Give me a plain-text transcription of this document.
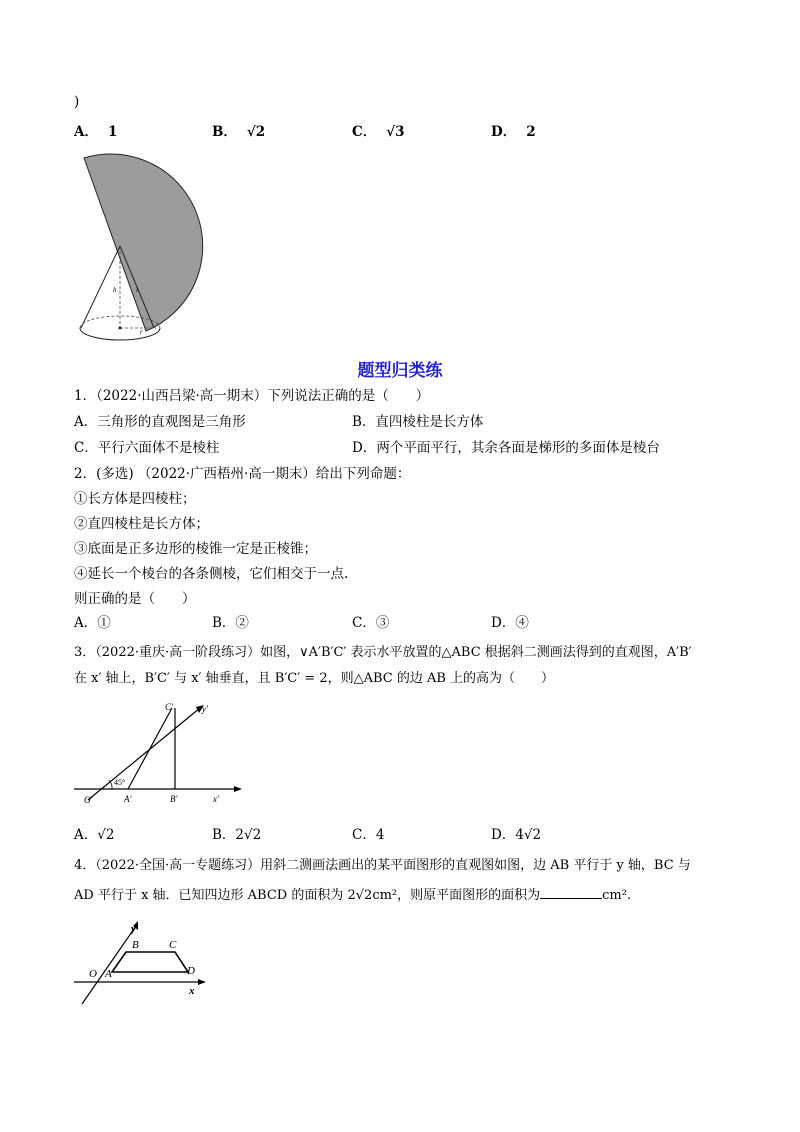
)
A． 1	B． √2	C． √3	D． 2
h	l
r
题型归类练
1．（2022·山西吕梁·高一期末）下列说法正确的是（　　）
A．三角形的直观图是三角形	B．直四棱柱是长方体
C．平行六面体不是棱柱	D．两个平面平行，其余各面是梯形的多面体是棱台
2．(多选) （2022·广西梧州·高一期末）给出下列命题：
①长方体是四棱柱；
②直四棱柱是长方体；
③底面是正多边形的棱锥一定是正棱锥；
④延长一个棱台的各条侧棱，它们相交于一点.
则正确的是（　　）
A．①	B．②	C．③	D．④
3．（2022·重庆·高一阶段练习）如图，∨A′B′C′ 表示水平放置的△ABC 根据斜二测画法得到的直观图，A′B′
在 x′ 轴上，B′C′ 与 x′ 轴垂直，且 B′C′ = 2，则△ABC 的边 AB 上的高为（　　）
C′	y′
45°
O′	A′	B′	x′
A．√2	B．2√2	C．4	D．4√2
4．（2022·全国·高一专题练习）用斜二测画法画出的某平面图形的直观图如图，边 AB 平行于 y 轴，BC 与
AD 平行于 x 轴．已知四边形 ABCD 的面积为 2√2cm²，则原平面图形的面积为	cm².
y
B	C
O A	D
x
